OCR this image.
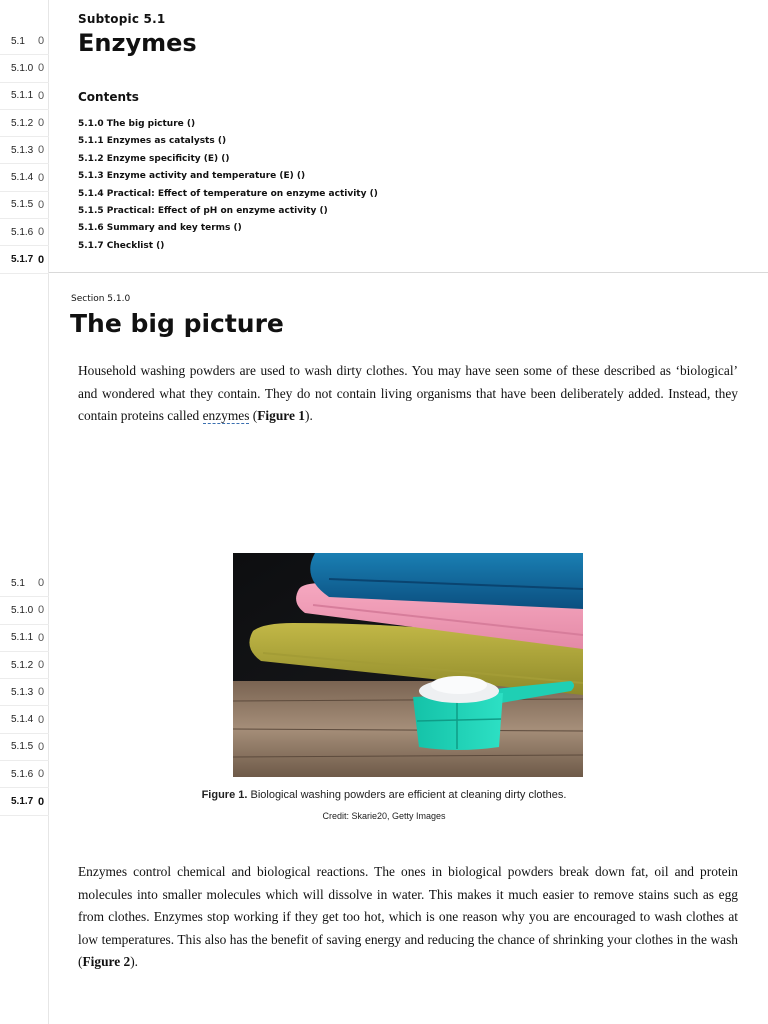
5.1	0
5.1.0 0
5.1.1 0
5.1.2 0
5.1.3 0
5.1.4 0
5.1.5 0
5.1.6 0
5.1.7 0
5.1	0
5.1.0 0
5.1.1 0
5.1.2 0
5.1.3 0
5.1.4 0
5.1.5 0
5.1.6 0
5.1.7 0
Subtopic 5.1
Enzymes
Contents
5.1.0 The big picture ()
5.1.1 Enzymes as catalysts ()
5.1.2 Enzyme specificity (E) ()
5.1.3 Enzyme activity and temperature (E) ()
5.1.4 Practical: Effect of temperature on enzyme activity ()
5.1.5 Practical: Effect of pH on enzyme activity ()
5.1.6 Summary and key terms ()
5.1.7 Checklist ()
Section 5.1.0
The big picture

Household washing powders are used to wash dirty clothes. You may have seen some of these described as ‘biological’ and wondered what they contain. They do not contain living organisms that have been deliberately added. Instead, they contain proteins called enzymes (Figure 1).

Figure 1. Biological washing powders are efficient at cleaning dirty clothes.
Credit: Skarie20, Getty Images

Enzymes control chemical and biological reactions. The ones in biological powders break down fat, oil and protein molecules into smaller molecules which will dissolve in water. This makes it much easier to remove stains such as egg from clothes. Enzymes stop working if they get too hot, which is one reason why you are encouraged to wash clothes at low temperatures. This also has the benefit of saving energy and reducing the chance of shrinking your clothes in the wash (Figure 2).
